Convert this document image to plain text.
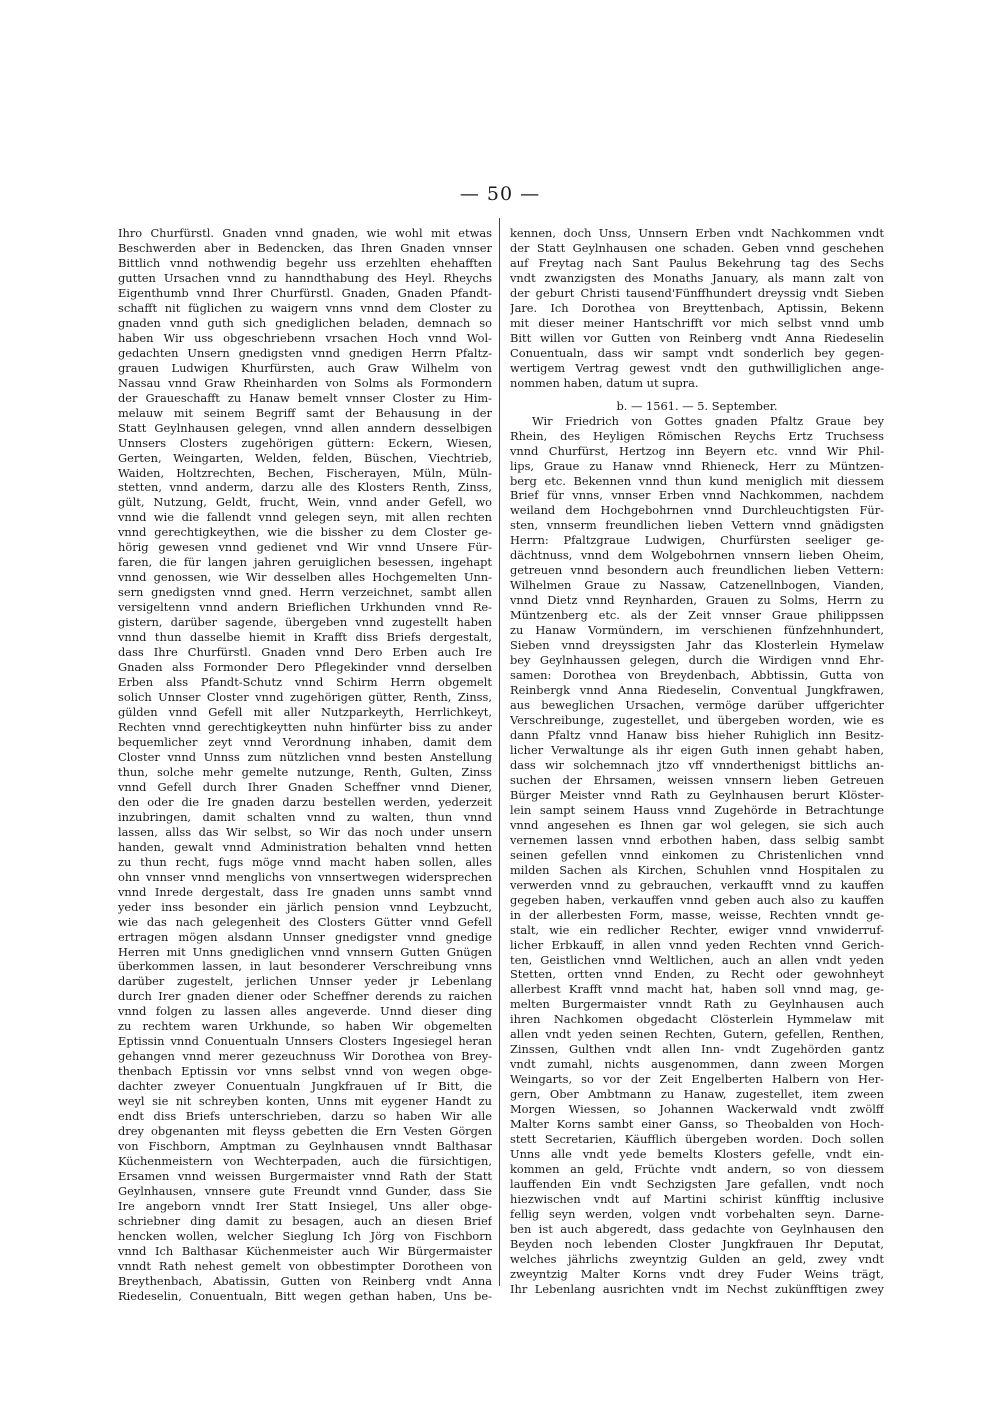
— 50 —
Ihro Churfürstl. Gnaden vnnd gnaden, wie wohl mit etwas
Beschwerden aber in Bedencken, das Ihren Gnaden vnnser
Bittlich vnnd nothwendig begehr uss erzehlten ehehafften
gutten Ursachen vnnd zu hanndthabung des Heyl. Rheychs
Eigenthumb vnnd Ihrer Churfürstl. Gnaden, Gnaden Pfandt-
schafft nit füglichen zu waigern vnns vnnd dem Closter zu
gnaden vnnd guth sich gnediglichen beladen, demnach so
haben Wir uss obgeschriebenn vrsachen Hoch vnnd Wol-
gedachten Unsern gnedigsten vnnd gnedigen Herrn Pfaltz-
grauen Ludwigen Khurfürsten, auch Graw Wilhelm von
Nassau vnnd Graw Rheinharden von Solms als Formondern
der Graueschafft zu Hanaw bemelt vnnser Closter zu Him-
melauw mit seinem Begriff samt der Behausung in der
Statt Geylnhausen gelegen, vnnd allen anndern desselbigen
Unnsers Closters zugehörigen güttern: Eckern, Wiesen,
Gerten, Weingarten, Welden, felden, Büschen, Viechtrieb,
Waiden, Holtzrechten, Bechen, Fischerayen, Müln, Müln-
stetten, vnnd anderm, darzu alle des Klosters Renth, Zinss,
gült, Nutzung, Geldt, frucht, Wein, vnnd ander Gefell, wo
vnnd wie die fallendt vnnd gelegen seyn, mit allen rechten
vnnd gerechtigkeythen, wie die bissher zu dem Closter ge-
hörig gewesen vnnd gedienet vnd Wir vnnd Unsere Für-
faren, die für langen jahren geruiglichen besessen, ingehapt
vnnd genossen, wie Wir desselben alles Hochgemelten Unn-
sern gnedigsten vnnd gned. Herrn verzeichnet, sambt allen
versigeltenn vnnd andern Brieflichen Urkhunden vnnd Re-
gistern, darüber sagende, übergeben vnnd zugestellt haben
vnnd thun dasselbe hiemit in Krafft diss Briefs dergestalt,
dass Ihre Churfürstl. Gnaden vnnd Dero Erben auch Ire
Gnaden alss Formonder Dero Pflegekinder vnnd derselben
Erben alss Pfandt-Schutz vnnd Schirm Herrn obgemelt
solich Unnser Closter vnnd zugehörigen gütter, Renth, Zinss,
gülden vnnd Gefell mit aller Nutzparkeyth, Herrlichkeyt,
Rechten vnnd gerechtigkeytten nuhn hinfürter biss zu ander
bequemlicher zeyt vnnd Verordnung inhaben, damit dem
Closter vnnd Unnss zum nützlichen vnnd besten Anstellung
thun, solche mehr gemelte nutzunge, Renth, Gulten, Zinss
vnnd Gefell durch Ihrer Gnaden Scheffner vnnd Diener,
den oder die Ire gnaden darzu bestellen werden, yederzeit
inzubringen, damit schalten vnnd zu walten, thun vnnd
lassen, allss das Wir selbst, so Wir das noch under unsern
handen, gewalt vnnd Administration behalten vnnd hetten
zu thun recht, fugs möge vnnd macht haben sollen, alles
ohn vnnser vnnd menglichs von vnnsertwegen widersprechen
vnnd Inrede dergestalt, dass Ire gnaden unns sambt vnnd
yeder inss besonder ein järlich pension vnnd Leybzucht,
wie das nach gelegenheit des Closters Gütter vnnd Gefell
ertragen mögen alsdann Unnser gnedigster vnnd gnedige
Herren mit Unns gnediglichen vnnd vnnsern Gutten Gnügen
überkommen lassen, in laut besonderer Verschreibung vnns
darüber zugestelt, jerlichen Unnser yeder jr Lebenlang
durch Irer gnaden diener oder Scheffner derends zu raichen
vnnd folgen zu lassen alles angeverde. Unnd dieser ding
zu rechtem waren Urkhunde, so haben Wir obgemelten
Eptissin vnnd Conuentualn Unnsers Closters Ingesiegel heran
gehangen vnnd merer gezeuchnuss Wir Dorothea von Brey-
thenbach Eptissin vor vnns selbst vnnd von wegen obge-
dachter zweyer Conuentualn Jungkfrauen uf Ir Bitt, die
weyl sie nit schreyben konten, Unns mit eygener Handt zu
endt diss Briefs unterschrieben, darzu so haben Wir alle
drey obgenanten mit fleyss gebetten die Ern Vesten Görgen
von Fischborn, Amptman zu Geylnhausen vnndt Balthasar
Küchenmeistern von Wechterpaden, auch die fürsichtigen,
Ersamen vnnd weissen Burgermaister vnnd Rath der Statt
Geylnhausen, vnnsere gute Freundt vnnd Gunder, dass Sie
Ire angeborn vnndt Irer Statt Insiegel, Uns aller obge-
schriebner ding damit zu besagen, auch an diesen Brief
hencken wollen, welcher Sieglung Ich Jörg von Fischborn
vnnd Ich Balthasar Küchenmeister auch Wir Bürgermaister
vnndt Rath nehest gemelt von obbestimpter Dorotheen von
Breythenbach, Abatissin, Gutten von Reinberg vndt Anna
Riedeselin, Conuentualn, Bitt wegen gethan haben, Uns be-
kennen, doch Unss, Unnsern Erben vndt Nachkommen vndt
der Statt Geylnhausen one schaden. Geben vnnd geschehen
auf Freytag nach Sant Paulus Bekehrung tag des Sechs
vndt zwanzigsten des Monaths January, als mann zalt von
der geburt Christi tausend'Fünffhundert dreyssig vndt Sieben
Jare. Ich Dorothea von Breyttenbach, Aptissin, Bekenn
mit dieser meiner Hantschrifft vor mich selbst vnnd umb
Bitt willen vor Gutten von Reinberg vndt Anna Riedeselin
Conuentualn, dass wir sampt vndt sonderlich bey gegen-
wertigem Vertrag gewest vndt den guthwilliglichen ange-
nommen haben, datum ut supra.
b. — 1561. — 5. September.
Wir Friedrich von Gottes gnaden Pfaltz Graue bey
Rhein, des Heyligen Römischen Reychs Ertz Truchsess
vnnd Churfürst, Hertzog inn Beyern etc. vnnd Wir Phil-
lips, Graue zu Hanaw vnnd Rhieneck, Herr zu Müntzen-
berg etc. Bekennen vnnd thun kund meniglich mit diessem
Brief für vnns, vnnser Erben vnnd Nachkommen, nachdem
weiland dem Hochgebohrnen vnnd Durchleuchtigsten Für-
sten, vnnserm freundlichen lieben Vettern vnnd gnädigsten
Herrn: Pfaltzgraue Ludwigen, Churfürsten seeliger ge-
dächtnuss, vnnd dem Wolgebohrnen vnnsern lieben Oheim,
getreuen vnnd besondern auch freundlichen lieben Vettern:
Wilhelmen Graue zu Nassaw, Catzenellnbogen, Vianden,
vnnd Dietz vnnd Reynharden, Grauen zu Solms, Herrn zu
Müntzenberg etc. als der Zeit vnnser Graue philippssen
zu Hanaw Vormündern, im verschienen fünfzehnhundert,
Sieben vnnd dreyssigsten Jahr das Klosterlein Hymelaw
bey Geylnhaussen gelegen, durch die Wirdigen vnnd Ehr-
samen: Dorothea von Breydenbach, Abbtissin, Gutta von
Reinbergk vnnd Anna Riedeselin, Conventual Jungkfrawen,
aus beweglichen Ursachen, vermöge darüber uffgerichter
Verschreibunge, zugestellet, und übergeben worden, wie es
dann Pfaltz vnnd Hanaw biss hieher Ruhiglich inn Besitz-
licher Verwaltunge als ihr eigen Guth innen gehabt haben,
dass wir solchemnach jtzo vff vnnderthenigst bittlichs an-
suchen der Ehrsamen, weissen vnnsern lieben Getreuen
Bürger Meister vnnd Rath zu Geylnhausen berurt Klöster-
lein sampt seinem Hauss vnnd Zugehörde in Betrachtunge
vnnd angesehen es Ihnen gar wol gelegen, sie sich auch
vernemen lassen vnnd erbothen haben, dass selbig sambt
seinen gefellen vnnd einkomen zu Christenlichen vnnd
milden Sachen als Kirchen, Schuhlen vnnd Hospitalen zu
verwerden vnnd zu gebrauchen, verkaufft vnnd zu kauffen
gegeben haben, verkauffen vnnd geben auch also zu kauffen
in der allerbesten Form, masse, weisse, Rechten vnndt ge-
stalt, wie ein redlicher Rechter, ewiger vnnd vnwiderruf-
licher Erbkauff, in allen vnnd yeden Rechten vnnd Gerich-
ten, Geistlichen vnnd Weltlichen, auch an allen vndt yeden
Stetten, ortten vnnd Enden, zu Recht oder gewohnheyt
allerbest Krafft vnnd macht hat, haben soll vnnd mag, ge-
melten Burgermaister vnndt Rath zu Geylnhausen auch
ihren Nachkomen obgedacht Clösterlein Hymmelaw mit
allen vndt yeden seinen Rechten, Gutern, gefellen, Renthen,
Zinssen, Gulthen vndt allen Inn- vndt Zugehörden gantz
vndt zumahl, nichts ausgenommen, dann zween Morgen
Weingarts, so vor der Zeit Engelberten Halbern von Her-
gern, Ober Ambtmann zu Hanaw, zugestellet, item zween
Morgen Wiessen, so Johannen Wackerwald vndt zwölff
Malter Korns sambt einer Ganss, so Theobalden von Hoch-
stett Secretarien, Käufflich übergeben worden. Doch sollen
Unns alle vndt yede bemelts Klosters gefelle, vndt ein-
kommen an geld, Früchte vndt andern, so von diessem
lauffenden Ein vndt Sechzigsten Jare gefallen, vndt noch
hiezwischen vndt auf Martini schirist künfftig inclusive
fellig seyn werden, volgen vndt vorbehalten seyn. Darne-
ben ist auch abgeredt, dass gedachte von Geylnhausen den
Beyden noch lebenden Closter Jungkfrauen Ihr Deputat,
welches jährlichs zweyntzig Gulden an geld, zwey vndt
zweyntzig Malter Korns vndt drey Fuder Weins trägt,
Ihr Lebenlang ausrichten vndt im Nechst zukünfftigen zwey
